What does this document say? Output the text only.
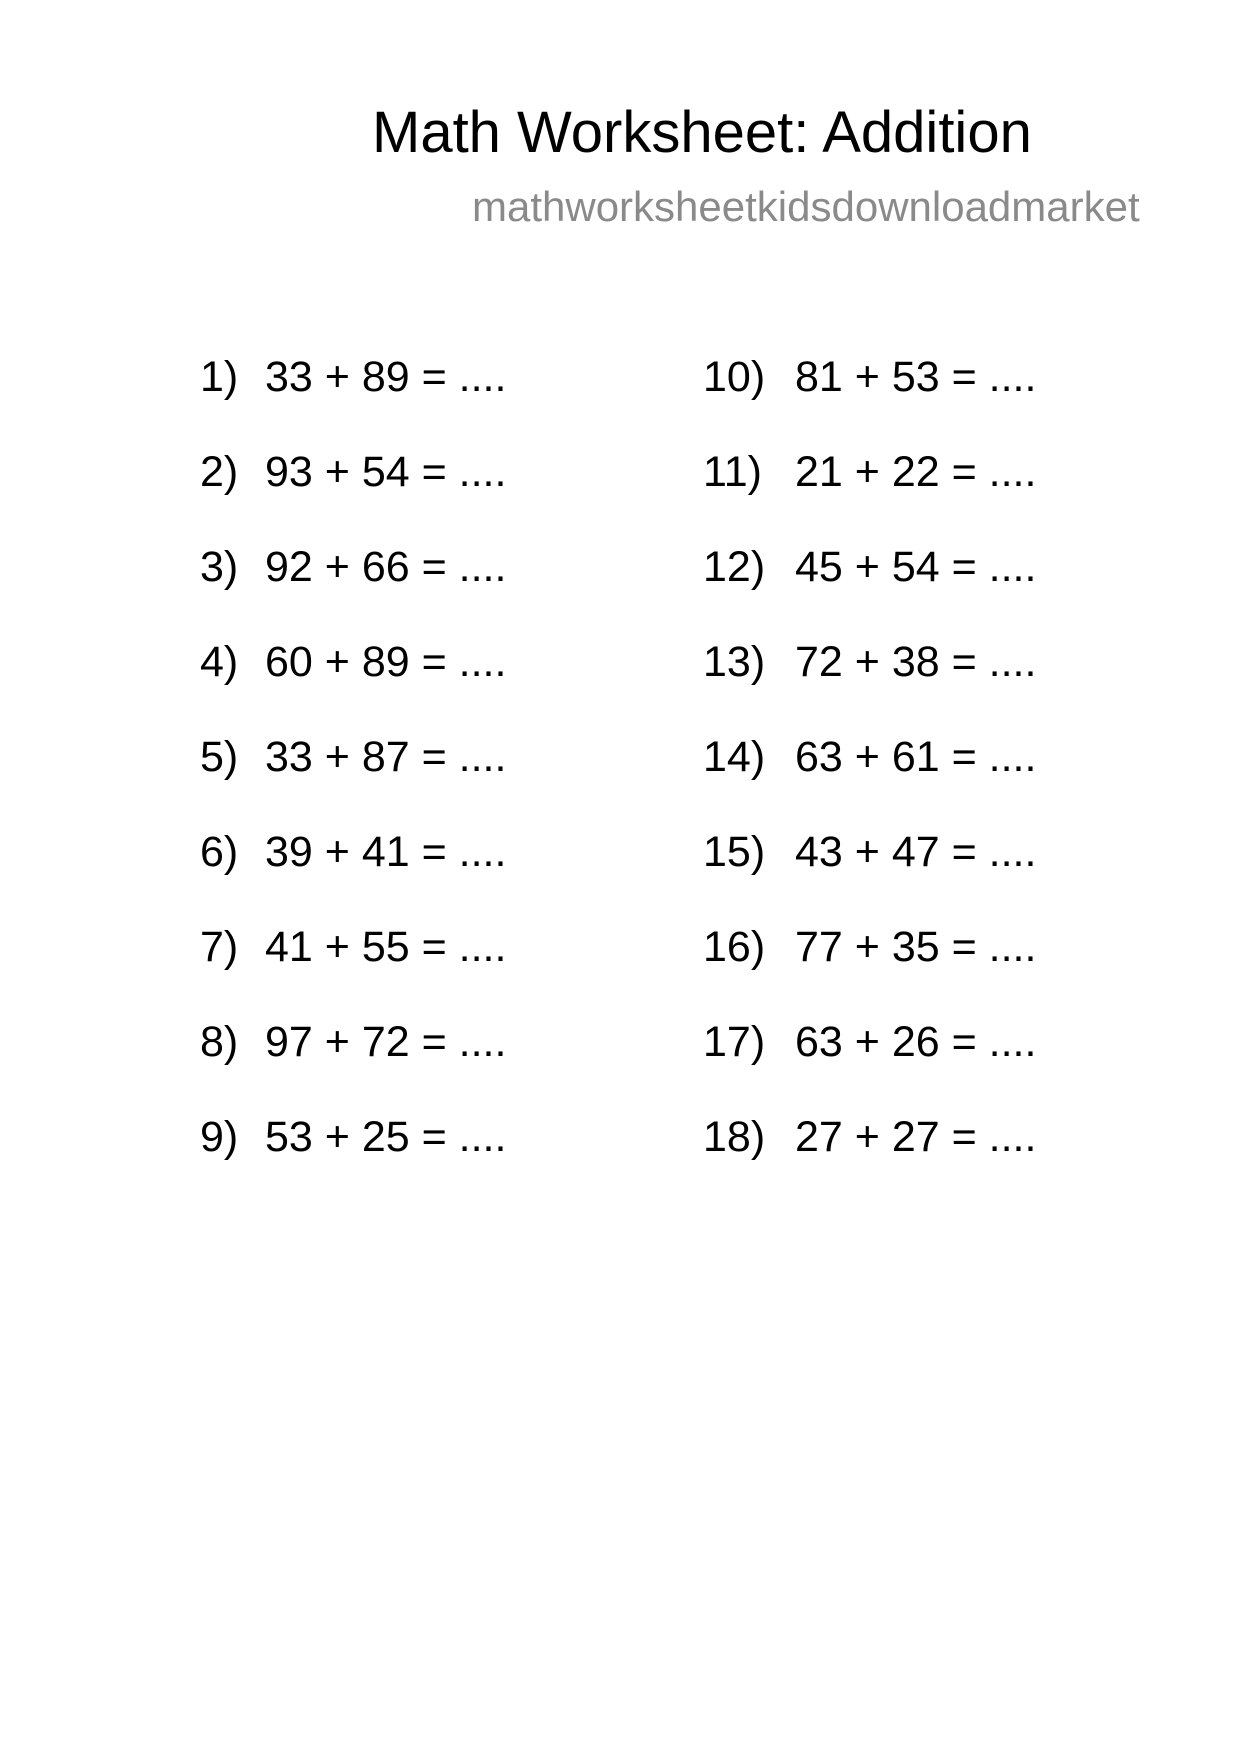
Math Worksheet: Addition
mathworksheetkidsdownloadmarket
1) 33 + 89 = ....
2) 93 + 54 = ....
3) 92 + 66 = ....
4) 60 + 89 = ....
5) 33 + 87 = ....
6) 39 + 41 = ....
7) 41 + 55 = ....
8) 97 + 72 = ....
9) 53 + 25 = ....
10) 81 + 53 = ....
11) 21 + 22 = ....
12) 45 + 54 = ....
13) 72 + 38 = ....
14) 63 + 61 = ....
15) 43 + 47 = ....
16) 77 + 35 = ....
17) 63 + 26 = ....
18) 27 + 27 = ....
